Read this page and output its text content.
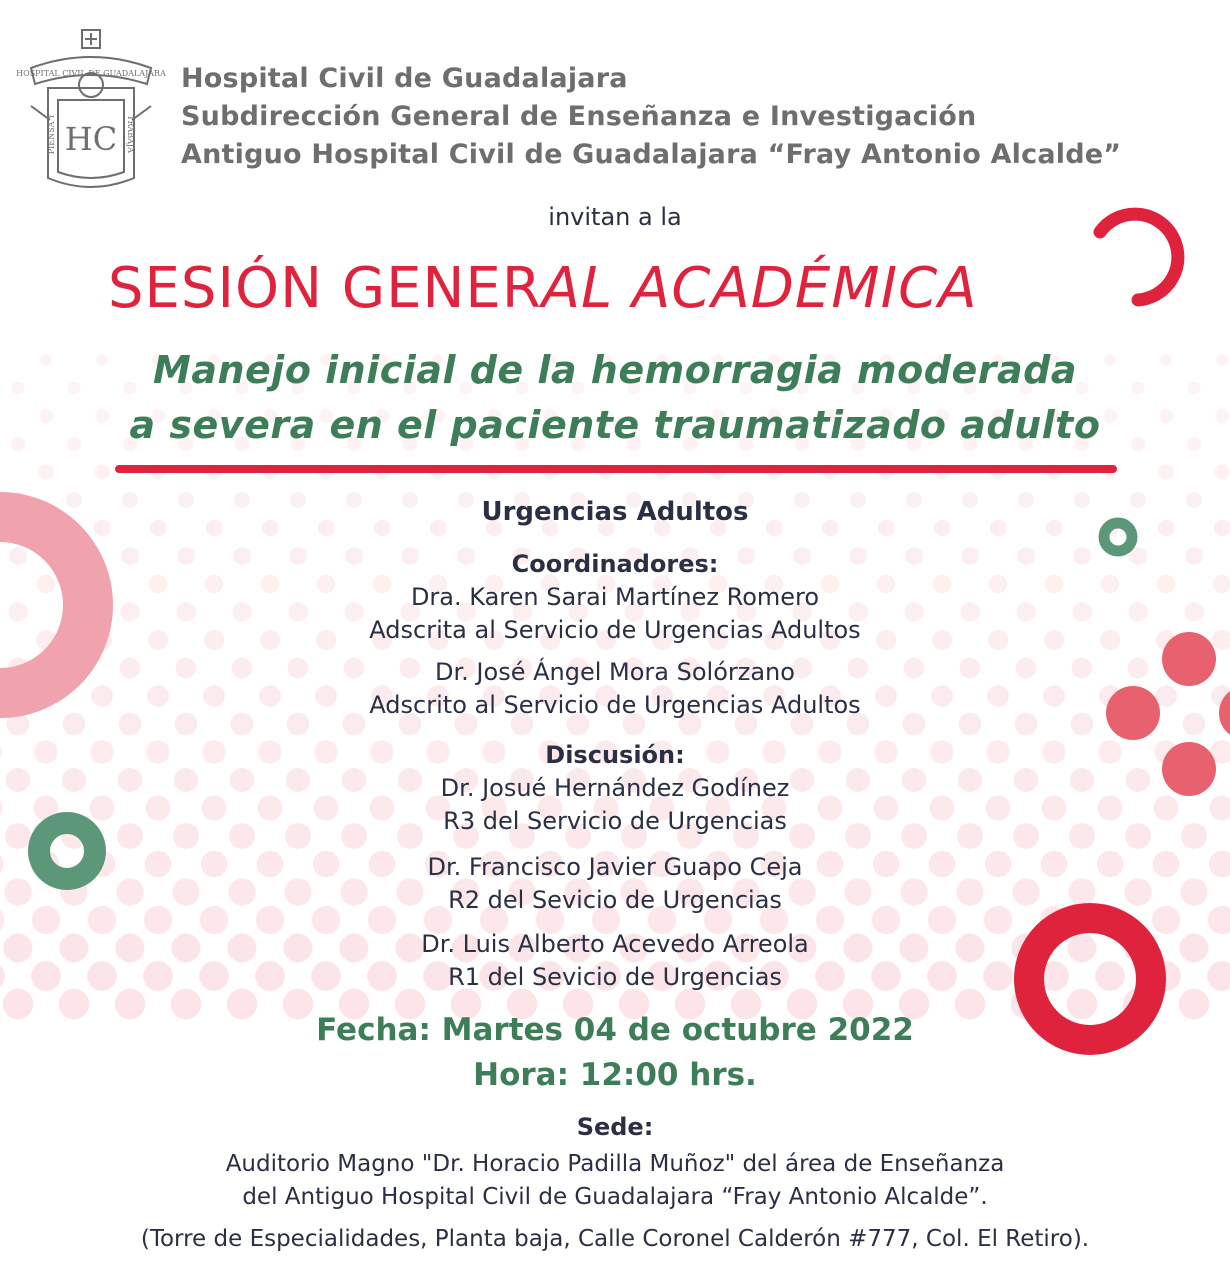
HOSPITAL CIVIL DE GUADALAJARA
HC
PIENSA Y	TRABAJA
Hospital Civil de Guadalajara
Subdirección General de Enseñanza e Investigación
Antiguo Hospital Civil de Guadalajara “Fray Antonio Alcalde”
invitan a la
SESIÓN GENERAL ACADÉMICA
Manejo inicial de la hemorragia moderada
a severa en el paciente traumatizado adulto
Urgencias Adultos
Coordinadores:
Dra. Karen Sarai Martínez Romero
Adscrita al Servicio de Urgencias Adultos
Dr. José Ángel Mora Solórzano
Adscrito al Servicio de Urgencias Adultos
Discusión:
Dr. Josué Hernández Godínez
R3 del Servicio de Urgencias
Dr. Francisco Javier Guapo Ceja
R2 del Sevicio de Urgencias
Dr. Luis Alberto Acevedo Arreola
R1 del Sevicio de Urgencias
Fecha: Martes 04 de octubre 2022
Hora: 12:00 hrs.
Sede:
Auditorio Magno "Dr. Horacio Padilla Muñoz" del área de Enseñanza
del Antiguo Hospital Civil de Guadalajara “Fray Antonio Alcalde”.
(Torre de Especialidades, Planta baja, Calle Coronel Calderón #777, Col. El Retiro).
